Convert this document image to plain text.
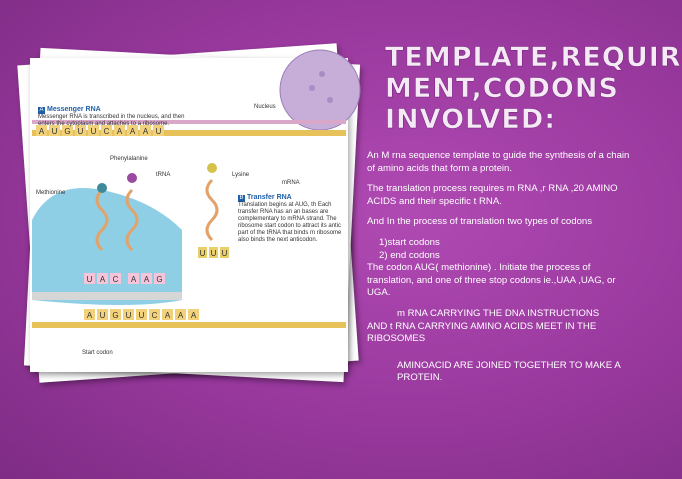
A U G U U C A A A U
U A C A A G
U U U
A U G U U C A A A
A Messenger RNA
Messenger RNA is transcribed in the nucleus, and then enters the cytoplasm and attaches to a ribosome.
Nucleus
mRNA
Phenylalanine
tRNA	Lysine
Methionine
Start codon
B Transfer RNA
Translation begins at AUG, th Each transfer RNA has an an bases are complementary to mRNA strand. The ribosome start codon to attract its antic part of the tRNA that binds m ribosome also binds the next anticodon.
TEMPLATE,REQUIR
MENT,CODONS
INVOLVED:

An M rna sequence template to guide the synthesis of a chain of amino acids that form a protein.

The translation process requires m RNA ,r RNA ,20 AMINO ACIDS and their specific t RNA.

And In the process of translation two types of codons

1)start codons

2) end codons

The codon AUG( methionine) . Initiate the process of translation, and one of three stop codons ie.,UAA ,UAG, or UGA.

m RNA CARRYING THE DNA INSTRUCTIONS

AND t RNA CARRYING AMINO ACIDS MEET IN THE RIBOSOMES

AMINOACID ARE JOINED TOGETHER TO MAKE A PROTEIN.
